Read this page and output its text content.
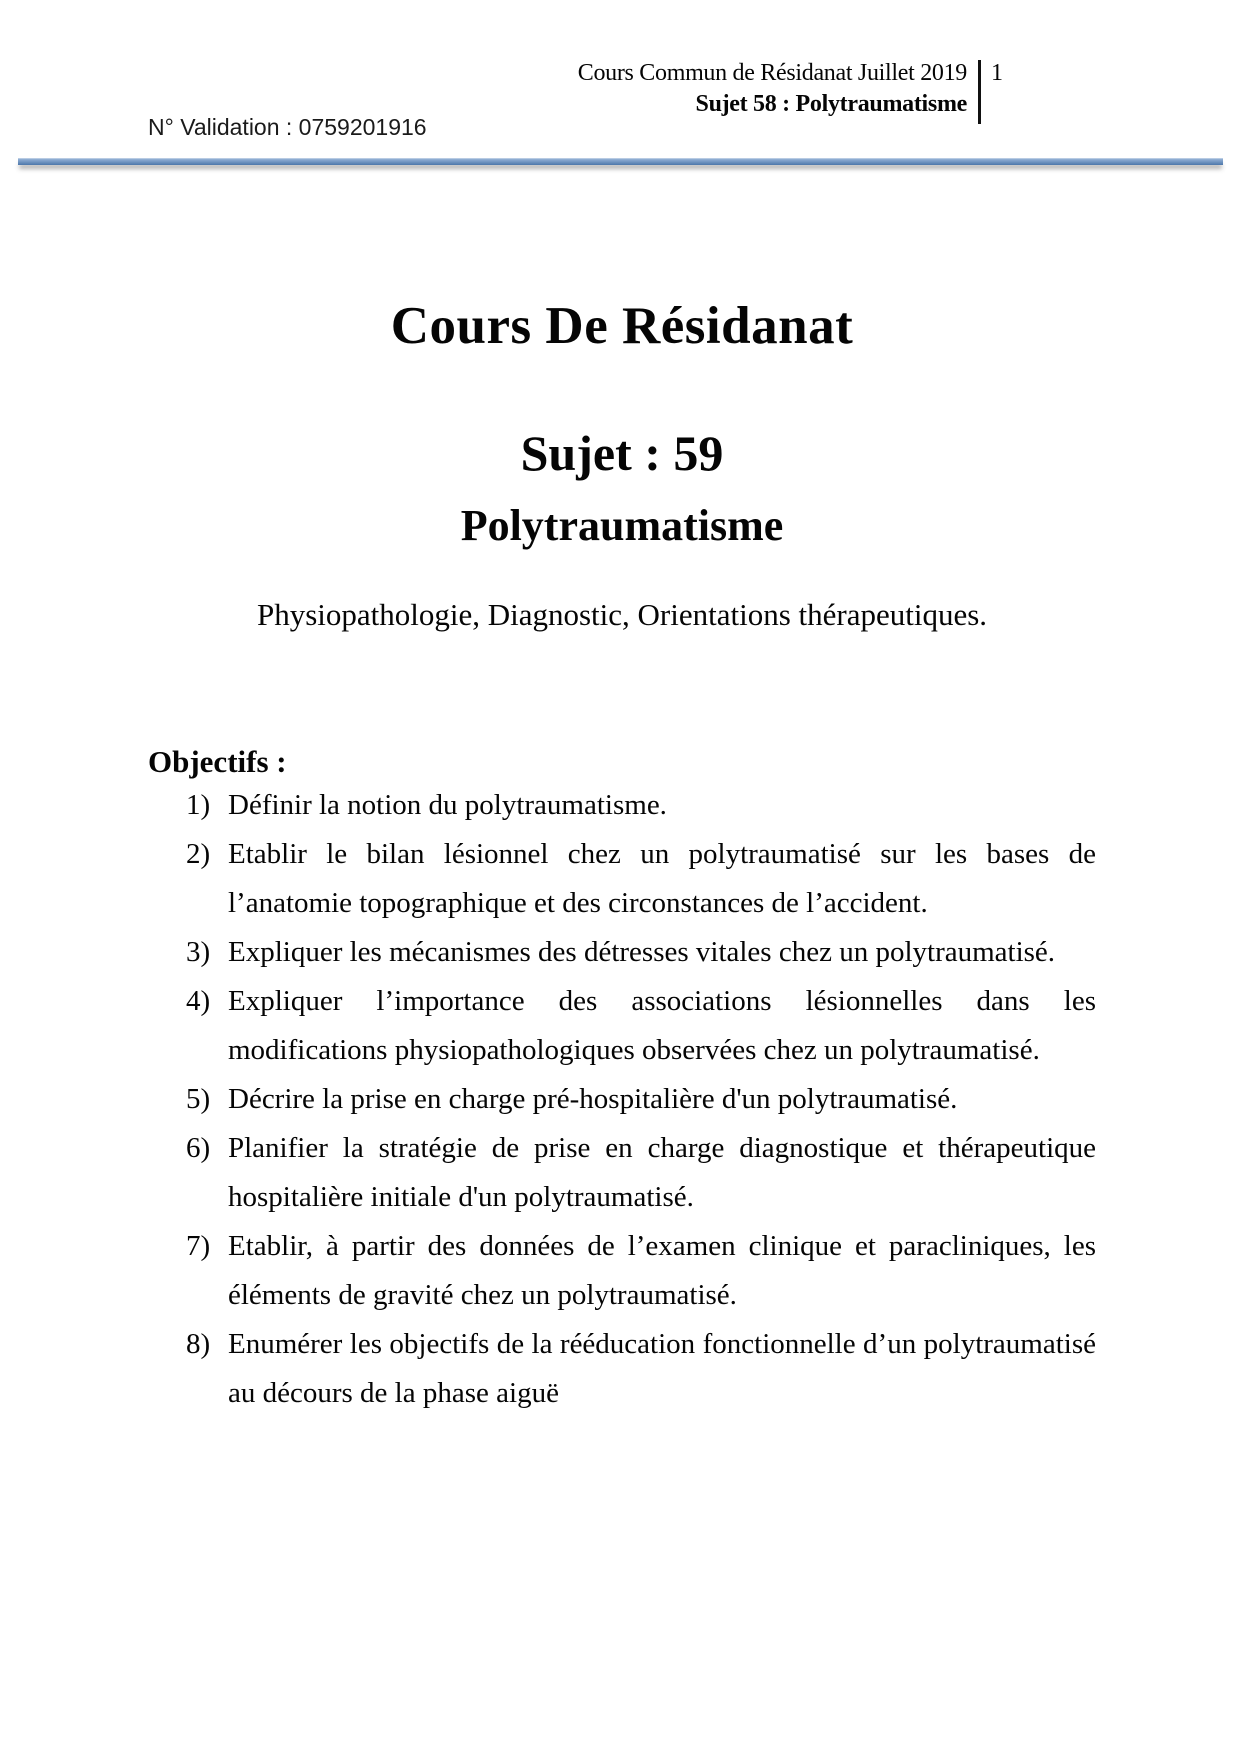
Cours Commun de Résidanat Juillet 2019
Sujet 58 : Polytraumatisme
1
N° Validation : 0759201916
Cours De Résidanat
Sujet : 59
Polytraumatisme
Physiopathologie, Diagnostic, Orientations thérapeutiques.
Objectifs :
1) Définir la notion du polytraumatisme.
2) Etablir le bilan lésionnel chez un polytraumatisé sur les bases de l’anatomie topographique et des circonstances de l’accident.
3) Expliquer les mécanismes des détresses vitales chez un polytraumatisé.
4) Expliquer l’importance des associations lésionnelles dans les modifications physiopathologiques observées chez un polytraumatisé.
5) Décrire la prise en charge pré-hospitalière d'un polytraumatisé.
6) Planifier la stratégie de prise en charge diagnostique et thérapeutique hospitalière initiale d'un polytraumatisé.
7) Etablir, à partir des données de l’examen clinique et paracliniques, les éléments de gravité chez un polytraumatisé.
8) Enumérer les objectifs de la rééducation fonctionnelle d’un polytraumatisé au décours de la phase aiguë
